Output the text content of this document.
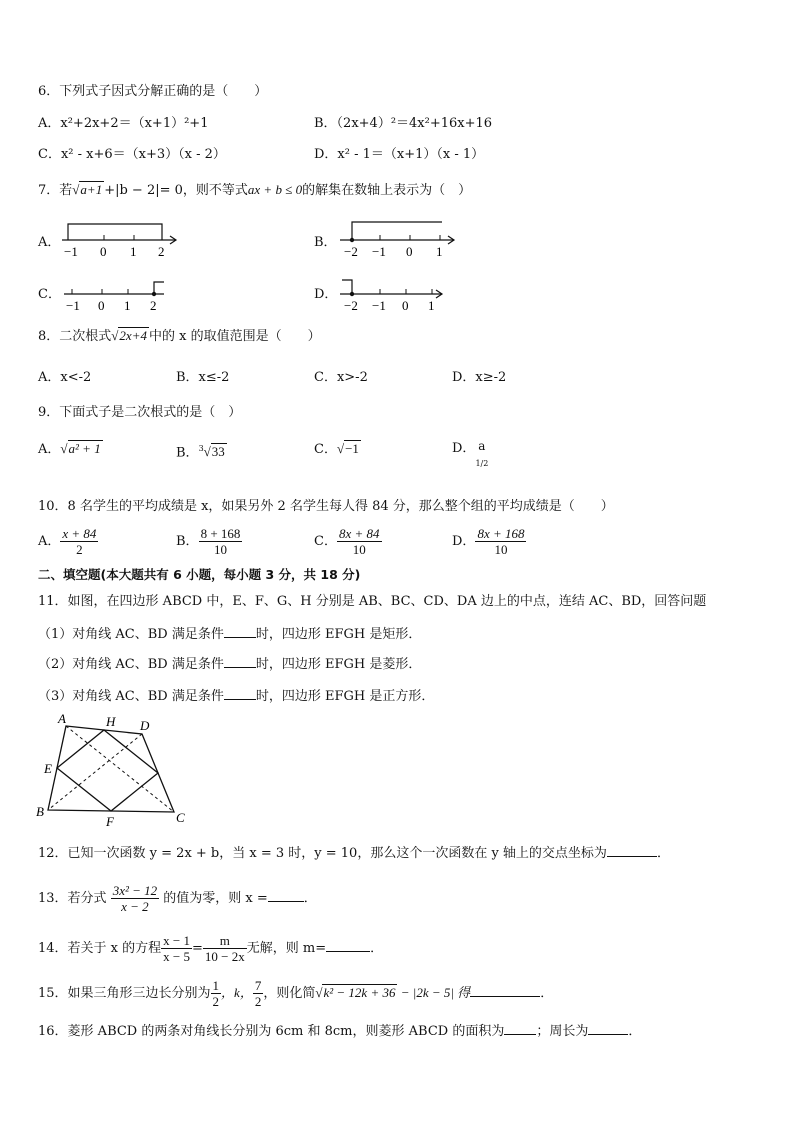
6．下列式子因式分解正确的是（　　）
A．x²+2x+2＝（x+1）²+1	B．（2x+4）²＝4x²+16x+16
C．x² - x+6＝（x+3）（x - 2）	D．x² - 1＝（x+1）（x - 1）
7．若√a+1 +|b − 2|= 0，则不等式ax + b ≤ 0的解集在数轴上表示为（　）
A．
−1 0 1 2
B．
−2 −1 0 1
C．
−1 0 1 2
D．
−2 −1 0 1
8．二次根式√2x+4 中的 x 的取值范围是（　　）
A．x<-2	B．x≤-2	C．x>-2	D．x≥-2
9．下面式子是二次根式的是（　）
A．√a² + 1	B．$^3$√33	C．√−1	D． a
1/2
10．8 名学生的平均成绩是 x，如果另外 2 名学生每人得 84 分，那么整个组的平均成绩是（　　）
A． $\frac{x + 84}{2}$	B． $\frac{8 + 168}{10}$	C． $\frac{8x + 84}{10}$	D． $\frac{8x + 168}{10}$
二、填空题(本大题共有 6 小题，每小题 3 分，共 18 分)
11．如图，在四边形 ABCD 中，E、F、G、H 分别是 AB、BC、CD、DA 边上的中点，连结 AC、BD，回答问题
（1）对角线 AC、BD 满足条件 时，四边形 EFGH 是矩形．
（2）对角线 AC、BD 满足条件 时，四边形 EFGH 是菱形．
（3）对角线 AC、BD 满足条件 时，四边形 EFGH 是正方形．
A	H D
E
B
F	C
12．已知一次函数 y = 2x + b，当 x = 3 时，y = 10，那么这个一次函数在 y 轴上的交点坐标为	．
13．若分式 $\frac{\text{3x² − 12}}{x - 2}$ 的值为零，则 x =	．
14．若关于 x 的方程 $\frac{x - 1}{x - 5} = \frac{m}{10 - 2x}$ 无解，则 m=	．
15．如果三角形三边长分别为 $\frac{1}{2}$ ，k， $\frac{7}{2}$ ，则化简√k² − 12k + 36 − |2k − 5| 得	．
16．菱形 ABCD 的两条对角线长分别为 6cm 和 8cm，则菱形 ABCD 的面积为 ；周长为	．
